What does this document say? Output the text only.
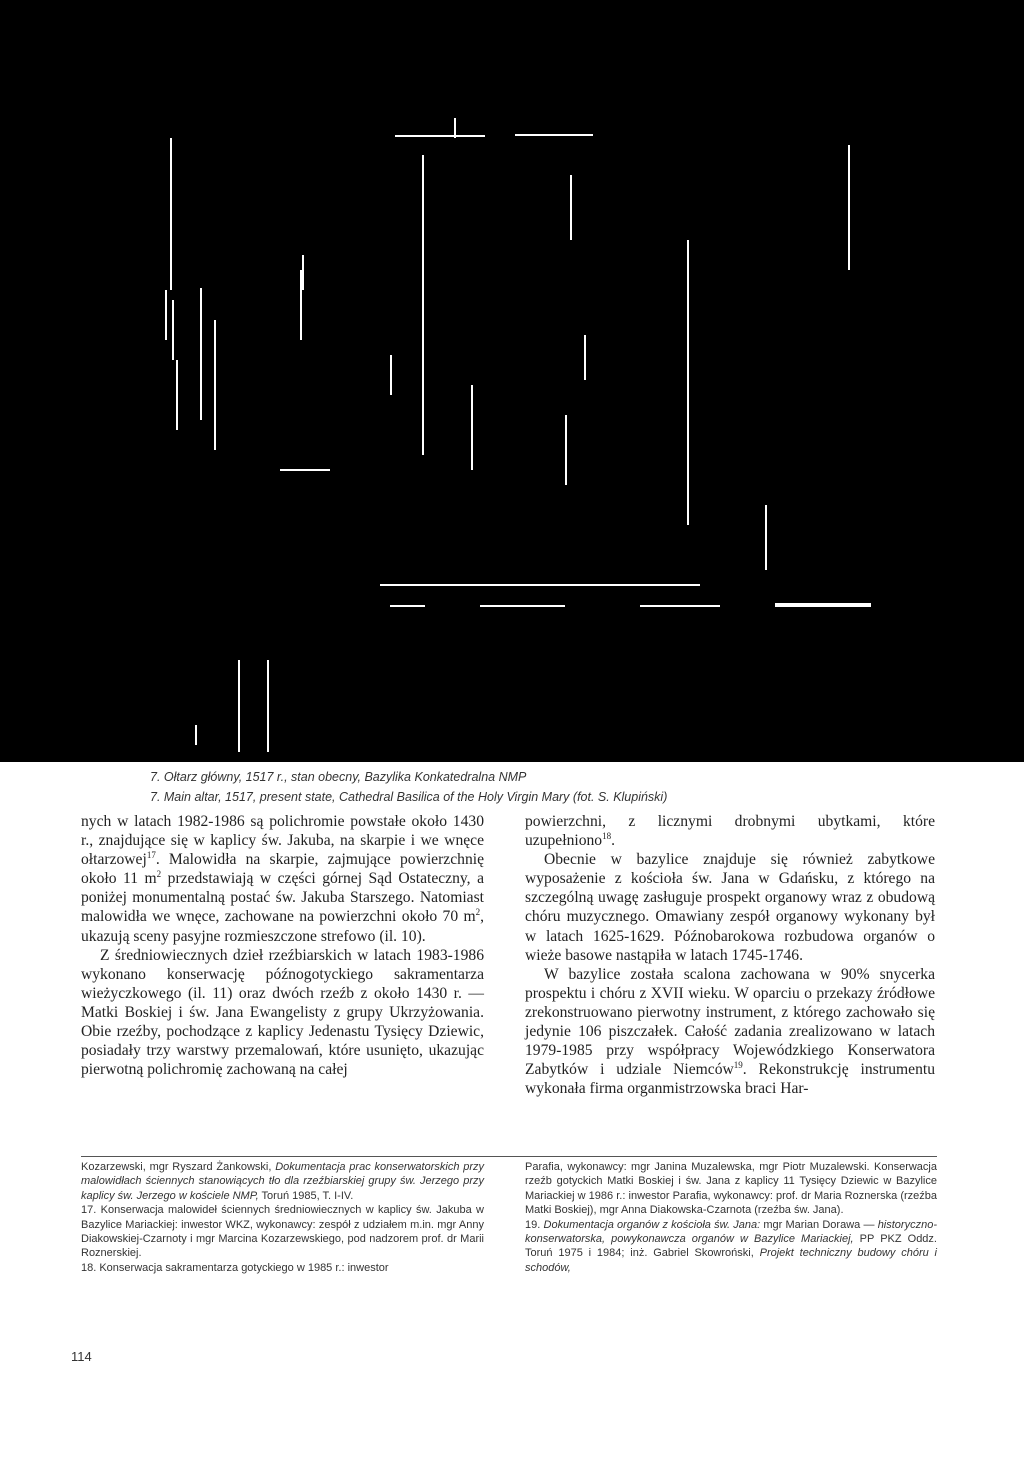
7. Ołtarz główny, 1517 r., stan obecny, Bazylika Konkatedralna NMP
7. Main altar, 1517, present state, Cathedral Basilica of the Holy Virgin Mary (fot. S. Klupiński)

nych w latach 1982-1986 są polichromie powstałe około 1430 r., znajdujące się w kaplicy św. Jakuba, na skarpie i we wnęce ołtarzowej$^{17}$. Malowidła na skarpie, zajmujące powierzchnię około 11 $m^2$ przedstawiają w części górnej Sąd Ostateczny, a poniżej monumentalną postać św. Jakuba Starszego. Natomiast malowidła we wnęce, zachowane na powierzchni około 70 $m^2$, ukazują sceny pasyjne rozmieszczone strefowo (il. 10).

Z średniowiecznych dzieł rzeźbiarskich w latach 1983-1986 wykonano konserwację późnogotyckiego sakramentarza wieżyczkowego (il. 11) oraz dwóch rzeźb z około 1430 r. — Matki Boskiej i św. Jana Ewangelisty z grupy Ukrzyżowania. Obie rzeźby, pochodzące z kaplicy Jedenastu Tysięcy Dziewic, posiadały trzy warstwy przemalowań, które usunięto, ukazując pierwotną polichromię zachowaną na całej

powierzchni, z licznymi drobnymi ubytkami, które uzupełniono$^{18}$.

Obecnie w bazylice znajduje się również zabytkowe wyposażenie z kościoła św. Jana w Gdańsku, z którego na szczególną uwagę zasługuje prospekt organowy wraz z obudową chóru muzycznego. Omawiany zespół organowy wykonany był w latach 1625-1629. Późnobarokowa rozbudowa organów o wieże basowe nastąpiła w latach 1745-1746.

W bazylice została scalona zachowana w 90% snycerka prospektu i chóru z XVII wieku. W oparciu o przekazy źródłowe zrekonstruowano pierwotny instrument, z którego zachowało się jedynie 106 piszczałek. Całość zadania zrealizowano w latach 1979-1985 przy współpracy Wojewódzkiego Konserwatora Zabytków i udziale Niemców$^{19}$. Rekonstrukcję instrumentu wykonała firma organmistrzowska braci Har-

Kozarzewski, mgr Ryszard Żankowski, Dokumentacja prac konserwatorskich przy malowidłach ściennych stanowiących tło dla rzeźbiarskiej grupy św. Jerzego przy kaplicy św. Jerzego w kościele NMP, Toruń 1985, T. I-IV.

17. Konserwacja malowideł ściennych średniowiecznych w kaplicy św. Jakuba w Bazylice Mariackiej: inwestor WKZ, wykonawcy: zespół z udziałem m.in. mgr Anny Diakowskiej-Czarnoty i mgr Marcina Kozarzewskiego, pod nadzorem prof. dr Marii Roznerskiej.

18. Konserwacja sakramentarza gotyckiego w 1985 r.: inwestor

Parafia, wykonawcy: mgr Janina Muzalewska, mgr Piotr Muzalewski. Konserwacja rzeźb gotyckich Matki Boskiej i św. Jana z kaplicy 11 Tysięcy Dziewic w Bazylice Mariackiej w 1986 r.: inwestor Parafia, wykonawcy: prof. dr Maria Roznerska (rzeźba Matki Boskiej), mgr Anna Diakowska-Czarnota (rzeźba św. Jana).

19. Dokumentacja organów z kościoła św. Jana: mgr Marian Dorawa — historyczno-konserwatorska, powykonawcza organów w Bazylice Mariackiej, PP PKZ Oddz. Toruń 1975 i 1984; inż. Gabriel Skowroński, Projekt techniczny budowy chóru i schodów,

114
